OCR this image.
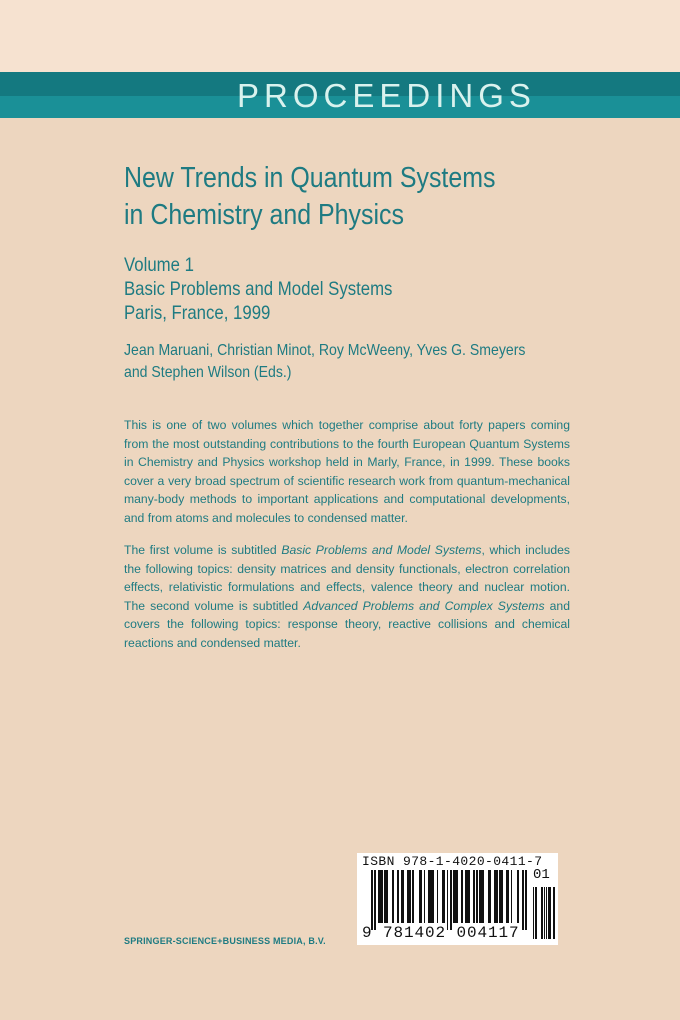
PROCEEDINGS
New Trends in Quantum Systems
in Chemistry and Physics
Volume 1
Basic Problems and Model Systems
Paris, France, 1999
Jean Maruani, Christian Minot, Roy McWeeny, Yves G. Smeyers
and Stephen Wilson (Eds.)

This is one of two volumes which together comprise about forty papers coming from the most outstanding contributions to the fourth European Quantum Systems in Chemistry and Physics workshop held in Marly, France, in 1999. These books cover a very broad spectrum of scientific research work from quantum-mechanical many-body methods to important applications and computational developments, and from atoms and molecules to condensed matter.

The first volume is subtitled Basic Problems and Model Systems, which includes the following topics: density matrices and density functionals, electron correlation effects, relativistic formulations and effects, valence theory and nuclear motion. The second volume is subtitled Advanced Problems and Complex Systems and covers the following topics: response theory, reactive collisions and chemical reactions and condensed matter.

SPRINGER-SCIENCE+BUSINESS MEDIA, B.V.
ISBN 978-1-4020-0411-7
01
9 781402 004117
